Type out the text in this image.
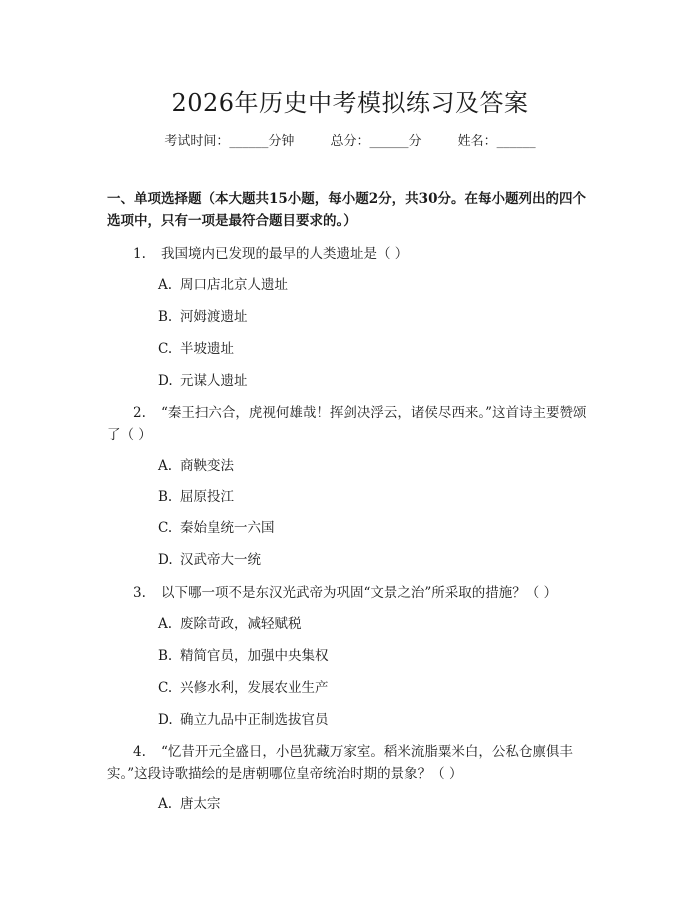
2026年历史中考模拟练习及答案
考试时间：______分钟	总分：______分	姓名：______
一、单项选择题（本大题共15小题，每小题2分，共30分。在每小题列出的四个选项中，只有一项是最符合题目要求的。）
1. 我国境内已发现的最早的人类遗址是（ ）
A. 周口店北京人遗址
B. 河姆渡遗址
C. 半坡遗址
D. 元谋人遗址
2. “秦王扫六合，虎视何雄哉！挥剑决浮云，诸侯尽西来。”这首诗主要赞颂了（ ）
A. 商鞅变法
B. 屈原投江
C. 秦始皇统一六国
D. 汉武帝大一统
3. 以下哪一项不是东汉光武帝为巩固“文景之治”所采取的措施？（ ）
A. 废除苛政，减轻赋税
B. 精简官员，加强中央集权
C. 兴修水利，发展农业生产
D. 确立九品中正制选拔官员
4. “忆昔开元全盛日，小邑犹藏万家室。稻米流脂粟米白，公私仓廪俱丰实。”这段诗歌描绘的是唐朝哪位皇帝统治时期的景象？（ ）
A. 唐太宗
